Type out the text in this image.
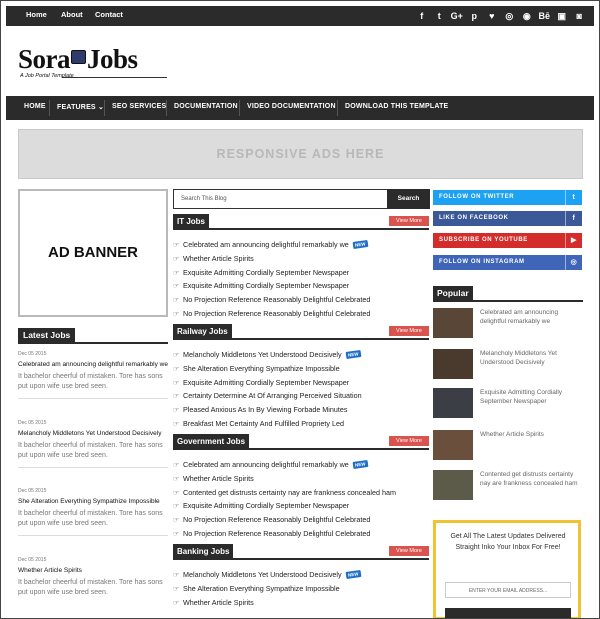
Home About Contact	f	t	G+ p	♥	◎	◉ Bē ▣	◙
Sora Jobs
A Job Portal Template
HOME FEATURES ⌄ SEO SERVICES DOCUMENTATION VIDEO DOCUMENTATION DOWNLOAD THIS TEMPLATE
RESPONSIVE ADS HERE
AD BANNER
Latest Jobs
Dec 05 2015
Celebrated am announcing delightful remarkably we
It bachelor cheerful of mistaken. Tore has sons put upon wife use bred seen.
Dec 05 2015
Melancholy Middletons Yet Understood Decisively
It bachelor cheerful of mistaken. Tore has sons put upon wife use bred seen.
Dec 05 2015
She Alteration Everything Sympathize Impossible
It bachelor cheerful of mistaken. Tore has sons put upon wife use bred seen.
Dec 05 2015
Whether Article Spirits
It bachelor cheerful of mistaken. Tore has sons put upon wife use bred seen.
Search This Blog	Search
IT Jobs	View More
☞ Celebrated am announcing delightful remarkably we NEW
☞ Whether Article Spirits
☞ Exquisite Admitting Cordially September Newspaper
☞ Exquisite Admitting Cordially September Newspaper
☞ No Projection Reference Reasonably Delightful Celebrated
☞ No Projection Reference Reasonably Delightful Celebrated
Railway Jobs	View More
☞ Melancholy Middletons Yet Understood Decisively NEW
☞ She Alteration Everything Sympathize Impossible
☞ Exquisite Admitting Cordially September Newspaper
☞ Certainty Determine At Of Arranging Perceived Situation
☞ Pleased Anxious As In By Viewing Forbade Minutes
☞ Breakfast Met Certainty And Fulfilled Propriety Led
Government Jobs	View More
☞ Celebrated am announcing delightful remarkably we NEW
☞ Whether Article Spirits
☞ Contented get distrusts certainty nay are frankness concealed ham
☞ Exquisite Admitting Cordially September Newspaper
☞ No Projection Reference Reasonably Delightful Celebrated
☞ No Projection Reference Reasonably Delightful Celebrated
Banking Jobs	View More
☞ Melancholy Middletons Yet Understood Decisively NEW
☞ She Alteration Everything Sympathize Impossible
☞ Whether Article Spirits
FOLLOW ON TWITTER	t
LIKE ON FACEBOOK	f
SUBSCRIBE ON YOUTUBE	▶
FOLLOW ON INSTAGRAM	◎
Popular
Celebrated am announcing delightful remarkably we
Melancholy Middletons Yet Understood Decisively
Exquisite Admitting Cordially September Newspaper
Whether Article Spirits
Contented get distrusts certainty nay are frankness concealed ham
Get All The Latest Updates Delivered Straight Inko Your Inbox For Free!
ENTER YOUR EMAIL ADDRESS...
